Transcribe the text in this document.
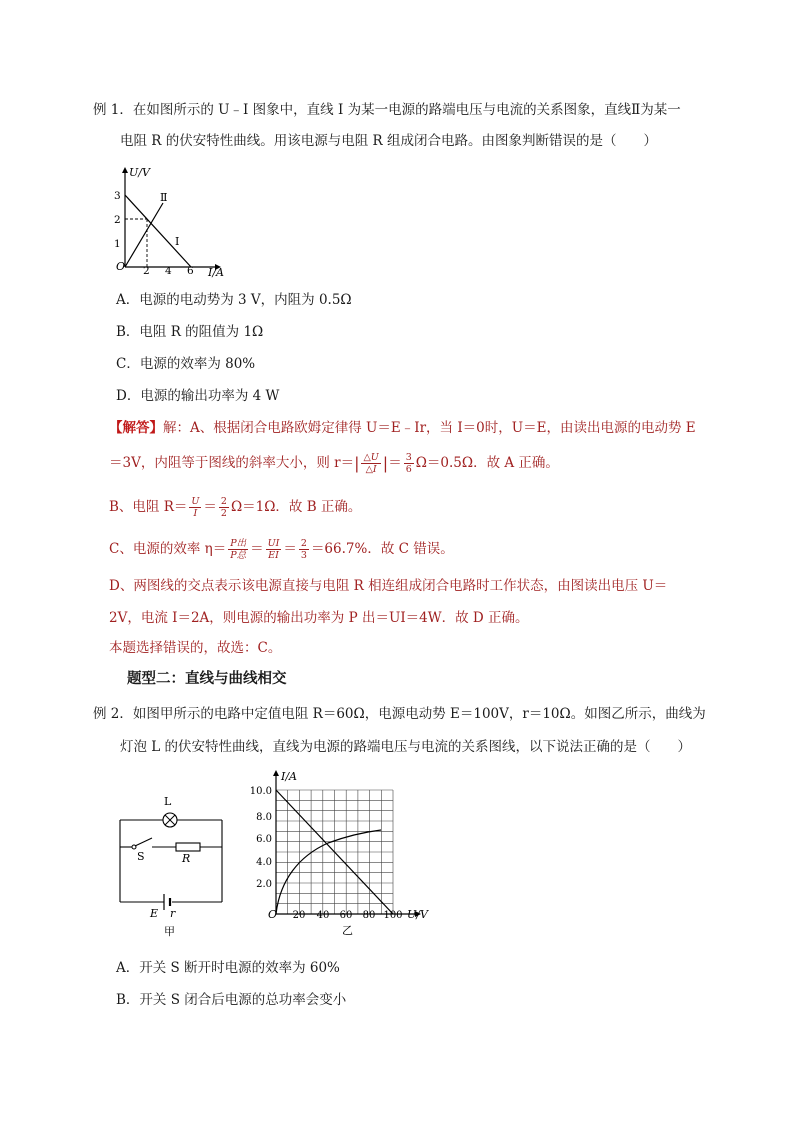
例 1．在如图所示的 U﹣I 图象中，直线 I 为某一电源的路端电压与电流的关系图象，直线Ⅱ为某一
电阻 R 的伏安特性曲线。用该电源与电阻 R 组成闭合电路。由图象判断错误的是（　　）
U/V
I/A
O
1
2
3
2 4 6
Ⅱ
I
A．电源的电动势为 3 V，内阻为 0.5Ω
B．电阻 R 的阻值为 1Ω
C．电源的效率为 80%
D．电源的输出功率为 4 W
【解答】解：A、根据闭合电路欧姆定律得 U＝E﹣Ir，当 I＝0时，U＝E，由读出电源的电动势 E
＝3V，内阻等于图线的斜率大小，则 $r=| \frac{\triangle U}{\triangle I}$ |＝ $\frac{3}{6} \Omega=0.5\Omega$．故 A 正确。
B、电阻 $R= \frac{U}{I} = \frac{2}{2} \Omega=1\Omega$．故 B 正确。
C、电源的效率 $\eta= \frac{\text{P出}}{\text{P总}} = \frac{UI}{EI} = \frac{2}{3} =66.7\%$．故 C 错误。
D、两图线的交点表示该电源直接与电阻 R 相连组成闭合电路时工作状态，由图读出电压 U＝
2V，电流 I＝2A，则电源的输出功率为 P 出＝UI＝4W．故 D 正确。
本题选择错误的，故选：C。
题型二：直线与曲线相交
例 2．如图甲所示的电路中定值电阻 R＝60Ω，电源电动势 E＝100V，r＝10Ω。如图乙所示，曲线为
灯泡 L 的伏安特性曲线，直线为电源的路端电压与电流的关系图线，以下说法正确的是（　　）
L
S	R
E r
甲
I/A
U/V
O
2.0
4.0
6.0
8.0
10.0
20 40 60 80 100
乙
A．开关 S 断开时电源的效率为 60%
B．开关 S 闭合后电源的总功率会变小
